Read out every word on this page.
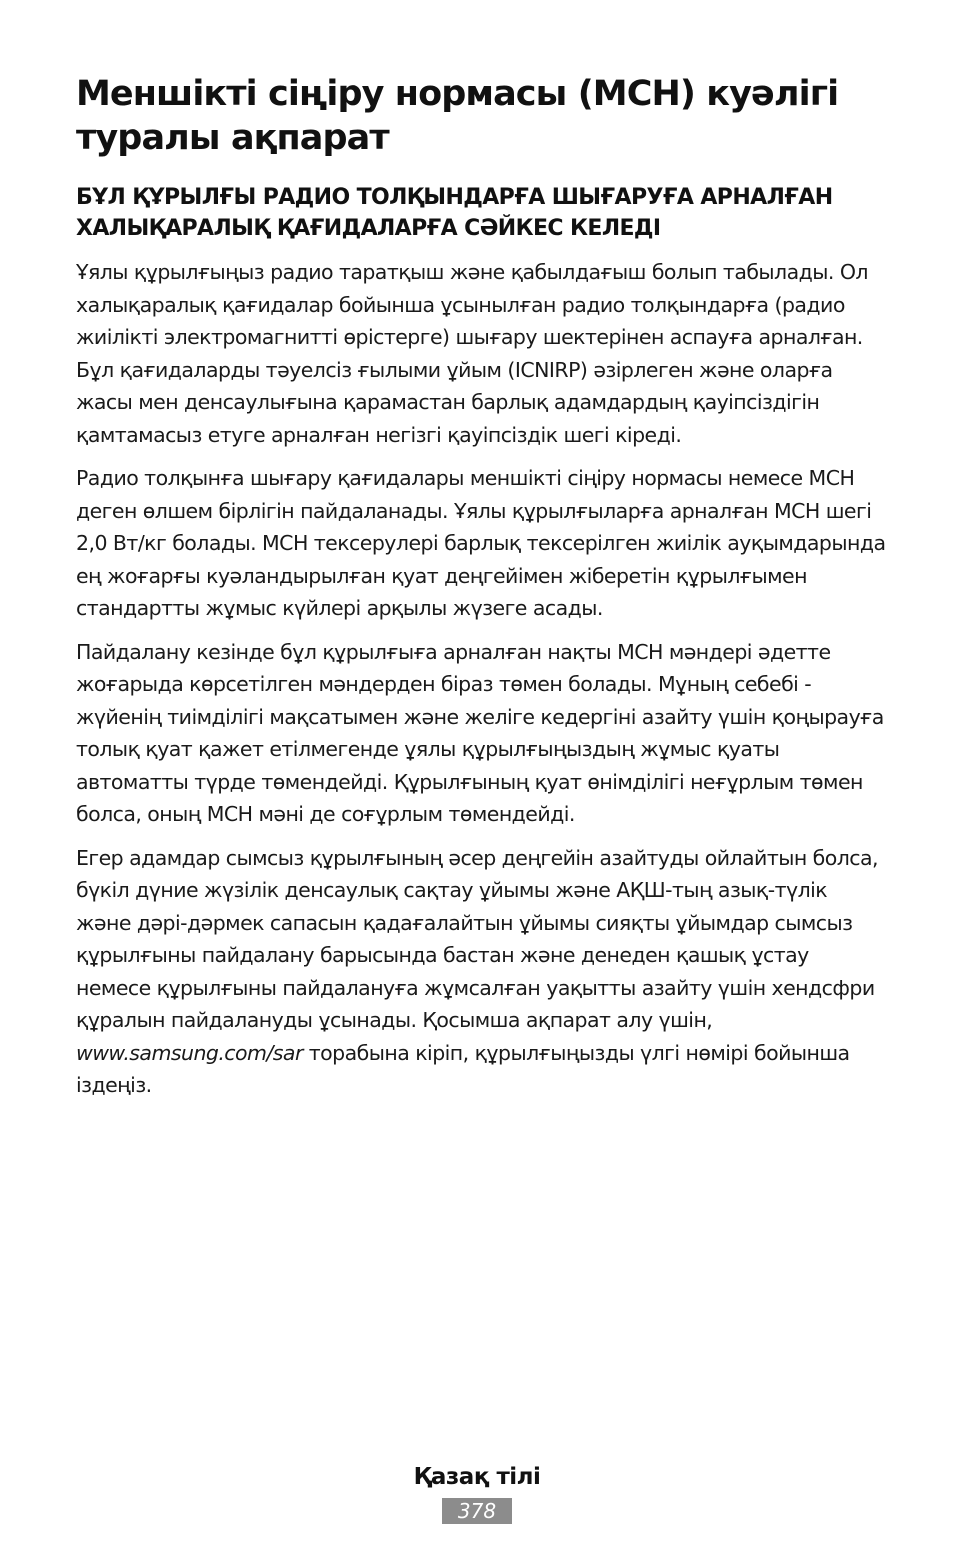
Меншікті сіңіру нормасы (МСН) куәлігі туралы ақпарат
БҰЛ ҚҰРЫЛҒЫ РАДИО ТОЛҚЫНДАРҒА ШЫҒАРУҒА АРНАЛҒАН ХАЛЫҚАРАЛЫҚ ҚАҒИДАЛАРҒА СӘЙКЕС КЕЛЕДІ

Ұялы құрылғыңыз радио таратқыш және қабылдағыш болып табылады. Ол халықаралық қағидалар бойынша ұсынылған радио толқындарға (радио жиілікті электромагнитті өрістерге) шығару шектерінен аспауға арналған. Бұл қағидаларды тәуелсіз ғылыми ұйым (ICNIRP) әзірлеген және оларға жасы мен денсаулығына қарамастан барлық адамдардың қауіпсіздігін қамтамасыз етуге арналған негізгі қауіпсіздік шегі кіреді.

Радио толқынға шығару қағидалары меншікті сіңіру нормасы немесе МСН деген өлшем бірлігін пайдаланады. Ұялы құрылғыларға арналған МСН шегі 2,0 Вт/кг болады. МСН тексерулері барлық тексерілген жиілік ауқымдарында ең жоғарғы куәландырылған қуат деңгейімен жіберетін құрылғымен стандартты жұмыс күйлері арқылы жүзеге асады.

Пайдалану кезінде бұл құрылғыға арналған нақты МСН мәндері әдетте жоғарыда көрсетілген мәндерден біраз төмен болады. Мұның себебі - жүйенің тиімділігі мақсатымен және желіге кедергіні азайту үшін қоңырауға толық қуат қажет етілмегенде ұялы құрылғыңыздың жұмыс қуаты автоматты түрде төмендейді. Құрылғының қуат өнімділігі неғұрлым төмен болса, оның МСН мәні де соғұрлым төмендейді.

Егер адамдар сымсыз құрылғының әсер деңгейін азайтуды ойлайтын болса, бүкіл дүние жүзілік денсаулық сақтау ұйымы және АҚШ-тың азық-түлік және дәрі-дәрмек сапасын қадағалайтын ұйымы сияқты ұйымдар сымсыз құрылғыны пайдалану барысында бастан және денеден қашық ұстау немесе құрылғыны пайдалануға жұмсалған уақытты азайту үшін хендсфри құралын пайдалануды ұсынады. Қосымша ақпарат алу үшін, www.samsung.com/sar торабына кіріп, құрылғыңызды үлгі нөмірі бойынша іздеңіз.

Қазақ тілі
378
